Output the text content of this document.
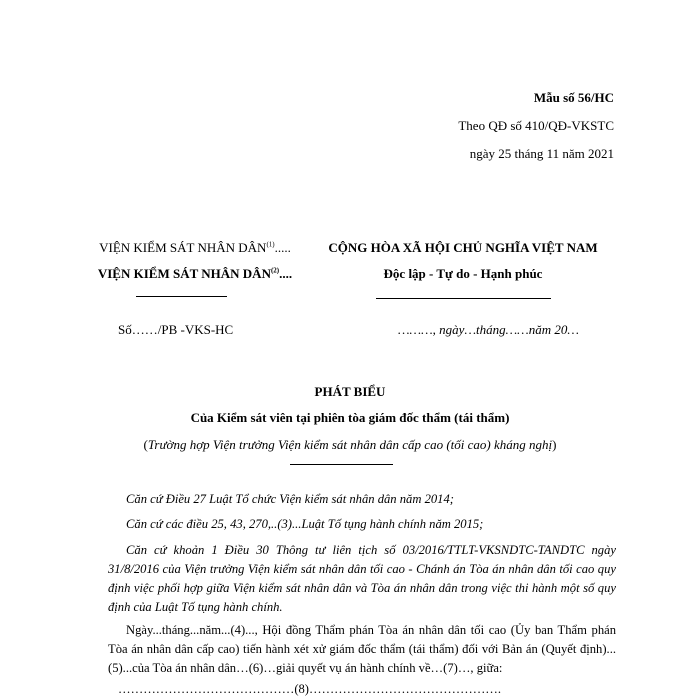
Mẫu số 56/HC
Theo QĐ số 410/QĐ-VKSTC
ngày 25 tháng 11 năm 2021
VIỆN KIỂM SÁT NHÂN DÂN$^{(1)}$.....
VIỆN KIỂM SÁT NHÂN DÂN$^{(2)}$....
Số……/PB -VKS-HC
CỘNG HÒA XÃ HỘI CHỦ NGHĨA VIỆT NAM
Độc lập - Tự do - Hạnh phúc
………, ngày…tháng……năm 20…
PHÁT BIỂU
Của Kiểm sát viên tại phiên tòa giám đốc thẩm (tái thẩm)
(Trường hợp Viện trưởng Viện kiểm sát nhân dân cấp cao (tối cao) kháng nghị)
Căn cứ Điều 27 Luật Tổ chức Viện kiểm sát nhân dân năm 2014;
Căn cứ các điều 25, 43, 270,..(3)...Luật Tố tụng hành chính năm 2015;
Căn cứ khoản 1 Điều 30 Thông tư liên tịch số 03/2016/TTLT-VKSNDTC-TANDTC ngày 31/8/2016 của Viện trưởng Viện kiểm sát nhân dân tối cao - Chánh án Tòa án nhân dân tối cao quy định việc phối hợp giữa Viện kiểm sát nhân dân và Tòa án nhân dân trong việc thi hành một số quy định của Luật Tố tụng hành chính.
Ngày...tháng...năm...(4)..., Hội đồng Thẩm phán Tòa án nhân dân tối cao (Ủy ban Thẩm phán Tòa án nhân dân cấp cao) tiến hành xét xử giám đốc thẩm (tái thẩm) đối với Bản án (Quyết định)...(5)...của Tòa án nhân dân…(6)…giải quyết vụ án hành chính về…(7)…, giữa:
……………………………………(8)……………………………………….
